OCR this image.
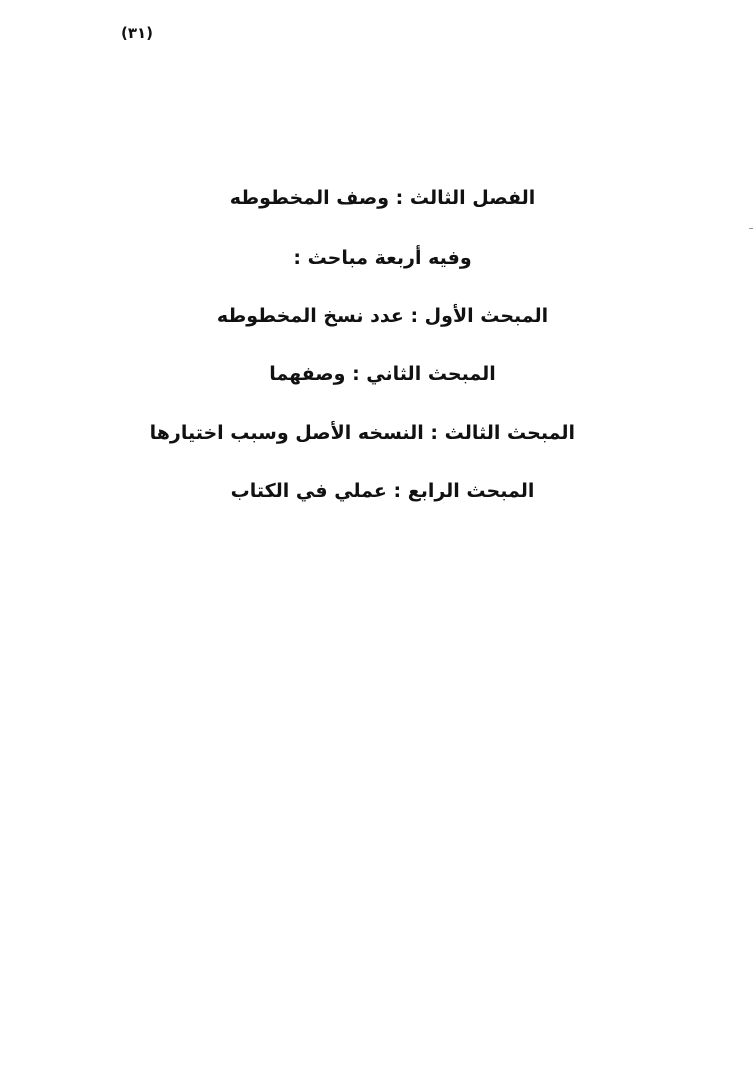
(٣١)
الفصل الثالث : وصف المخطوطه
وفيه أربعة مباحث :
المبحث الأول : عدد نسخ المخطوطه
المبحث الثاني : وصفهما
المبحث الثالث : النسخه الأصل وسبب اختيارها
المبحث الرابع : عملي في الكتاب
